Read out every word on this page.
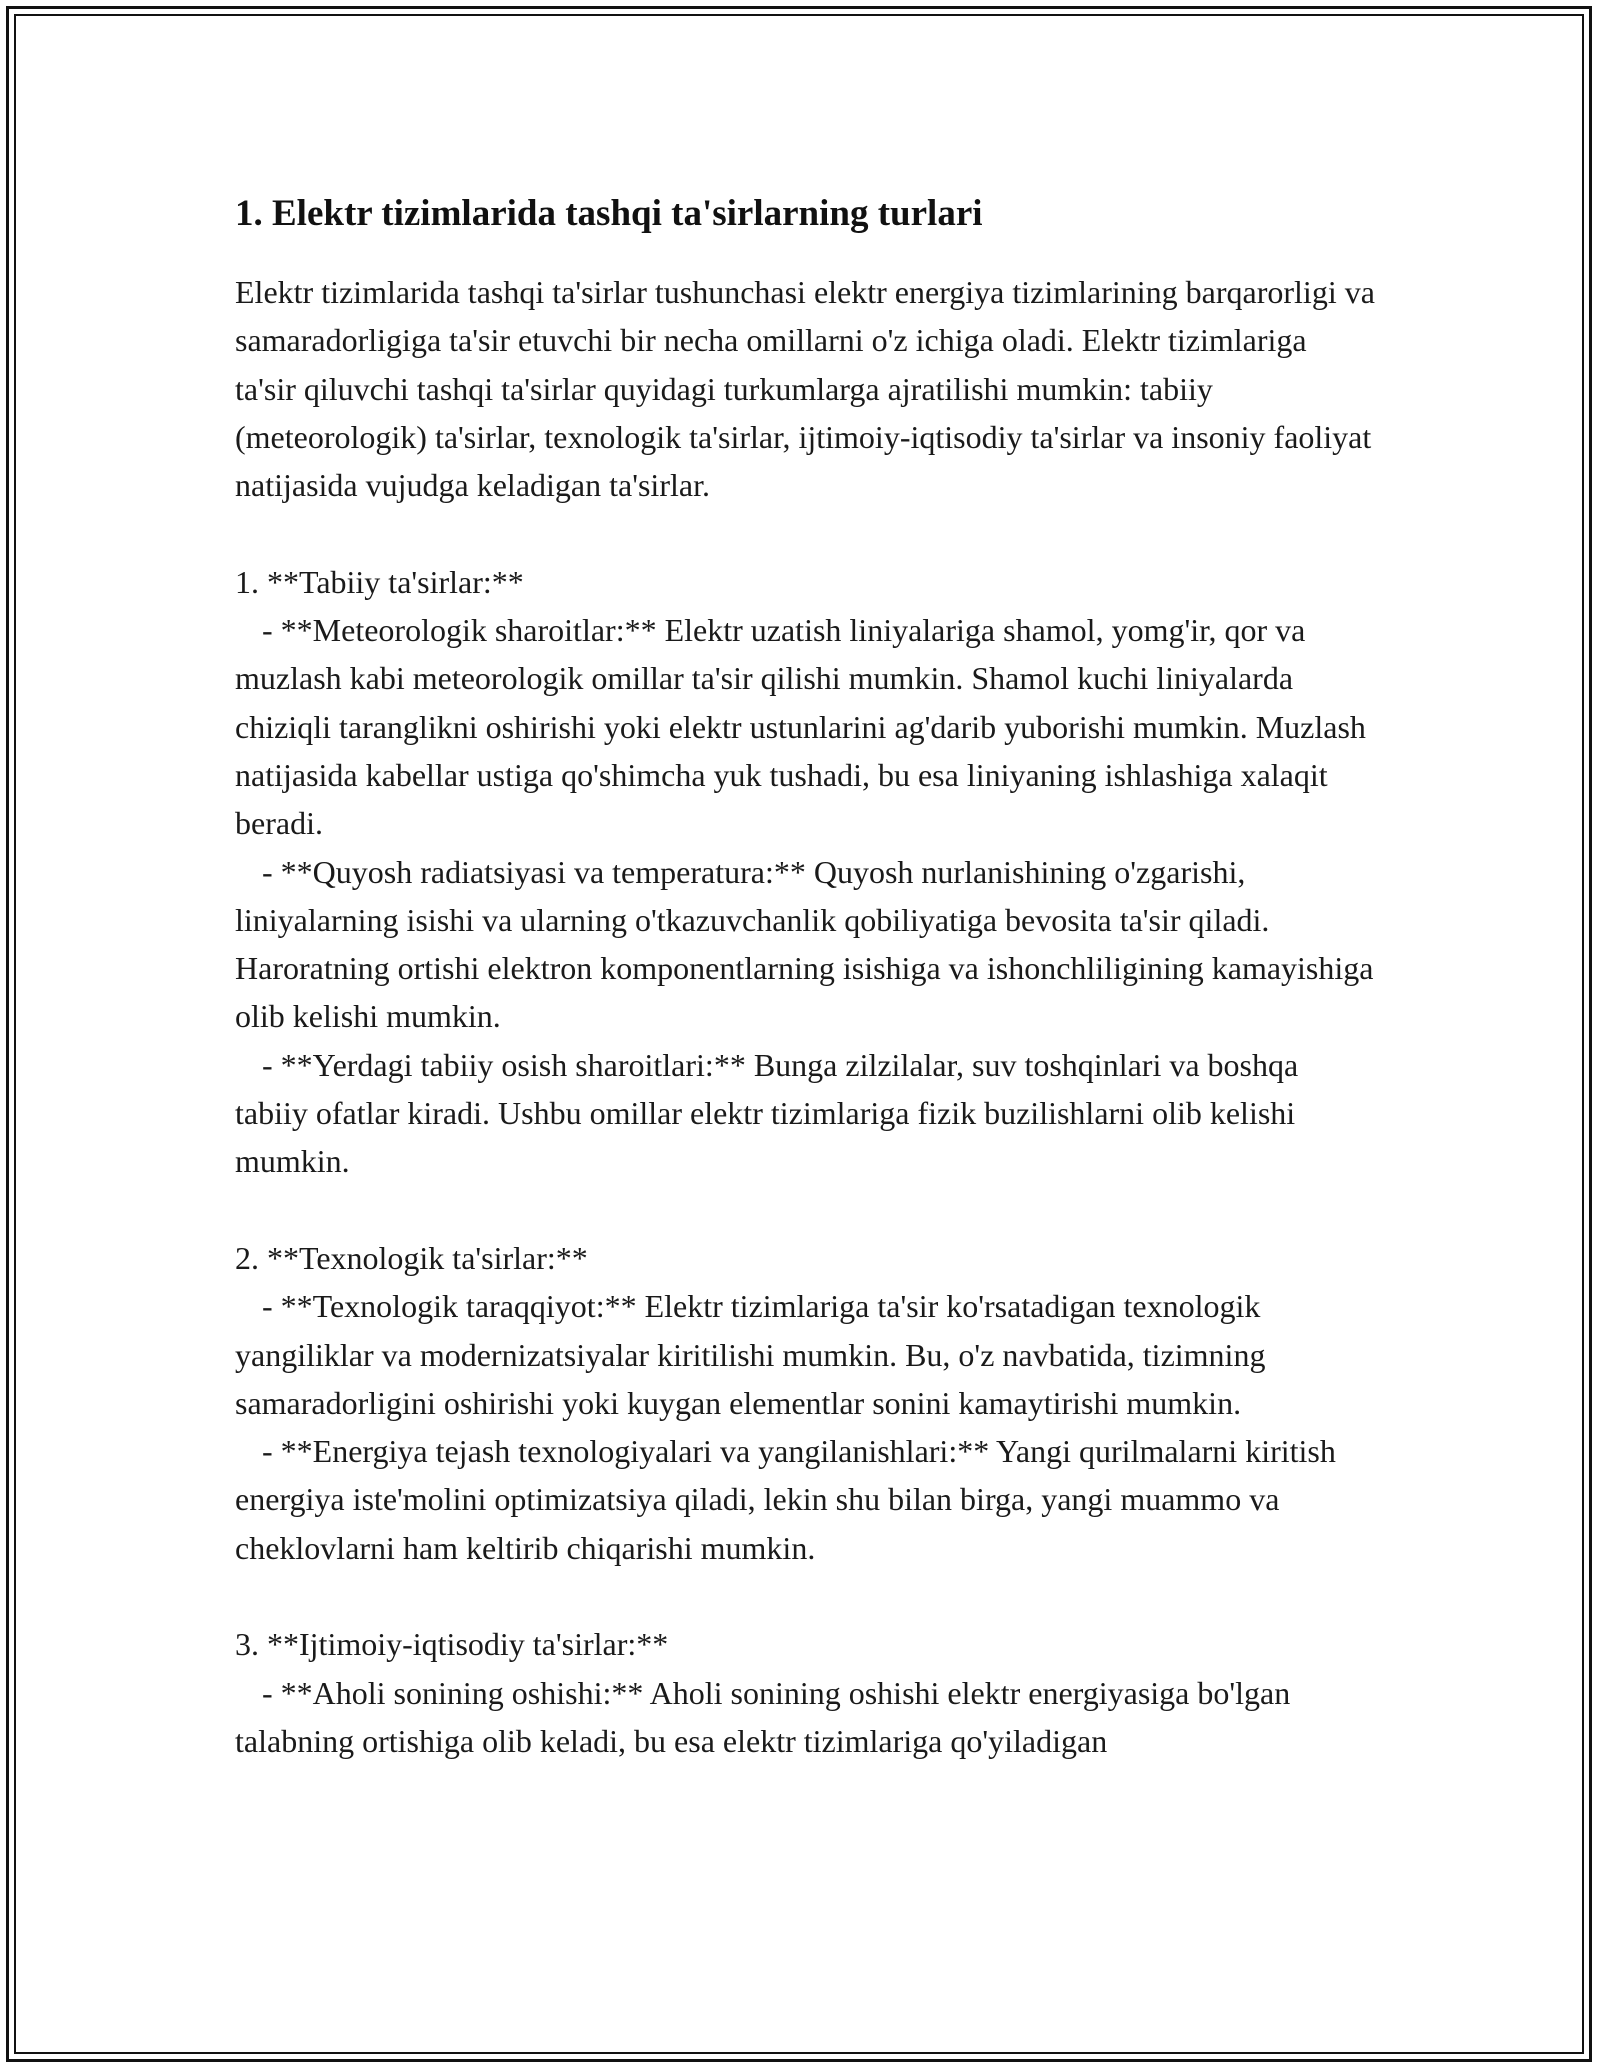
1. Elektr tizimlarida tashqi ta'sirlarning turlari

Elektr tizimlarida tashqi ta'sirlar tushunchasi elektr energiya tizimlarining barqarorligi va samaradorligiga ta'sir etuvchi bir necha omillarni o'z ichiga oladi. Elektr tizimlariga ta'sir qiluvchi tashqi ta'sirlar quyidagi turkumlarga ajratilishi mumkin: tabiiy (meteorologik) ta'sirlar, texnologik ta'sirlar, ijtimoiy-iqtisodiy ta'sirlar va insoniy faoliyat natijasida vujudga keladigan ta'sirlar.

1. **Tabiiy ta'sirlar:**

- **Meteorologik sharoitlar:** Elektr uzatish liniyalariga shamol, yomg'ir, qor va muzlash kabi meteorologik omillar ta'sir qilishi mumkin. Shamol kuchi liniyalarda chiziqli taranglikni oshirishi yoki elektr ustunlarini ag'darib yuborishi mumkin. Muzlash natijasida kabellar ustiga qo'shimcha yuk tushadi, bu esa liniyaning ishlashiga xalaqit beradi.

- **Quyosh radiatsiyasi va temperatura:** Quyosh nurlanishining o'zgarishi, liniyalarning isishi va ularning o'tkazuvchanlik qobiliyatiga bevosita ta'sir qiladi. Haroratning ortishi elektron komponentlarning isishiga va ishonchliligining kamayishiga olib kelishi mumkin.

- **Yerdagi tabiiy osish sharoitlari:** Bunga zilzilalar, suv toshqinlari va boshqa tabiiy ofatlar kiradi. Ushbu omillar elektr tizimlariga fizik buzilishlarni olib kelishi mumkin.

2. **Texnologik ta'sirlar:**

- **Texnologik taraqqiyot:** Elektr tizimlariga ta'sir ko'rsatadigan texnologik yangiliklar va modernizatsiyalar kiritilishi mumkin. Bu, o'z navbatida, tizimning samaradorligini oshirishi yoki kuygan elementlar sonini kamaytirishi mumkin.

- **Energiya tejash texnologiyalari va yangilanishlari:** Yangi qurilmalarni kiritish energiya iste'molini optimizatsiya qiladi, lekin shu bilan birga, yangi muammo va cheklovlarni ham keltirib chiqarishi mumkin.

3. **Ijtimoiy-iqtisodiy ta'sirlar:**

- **Aholi sonining oshishi:** Aholi sonining oshishi elektr energiyasiga bo'lgan talabning ortishiga olib keladi, bu esa elektr tizimlariga qo'yiladigan
